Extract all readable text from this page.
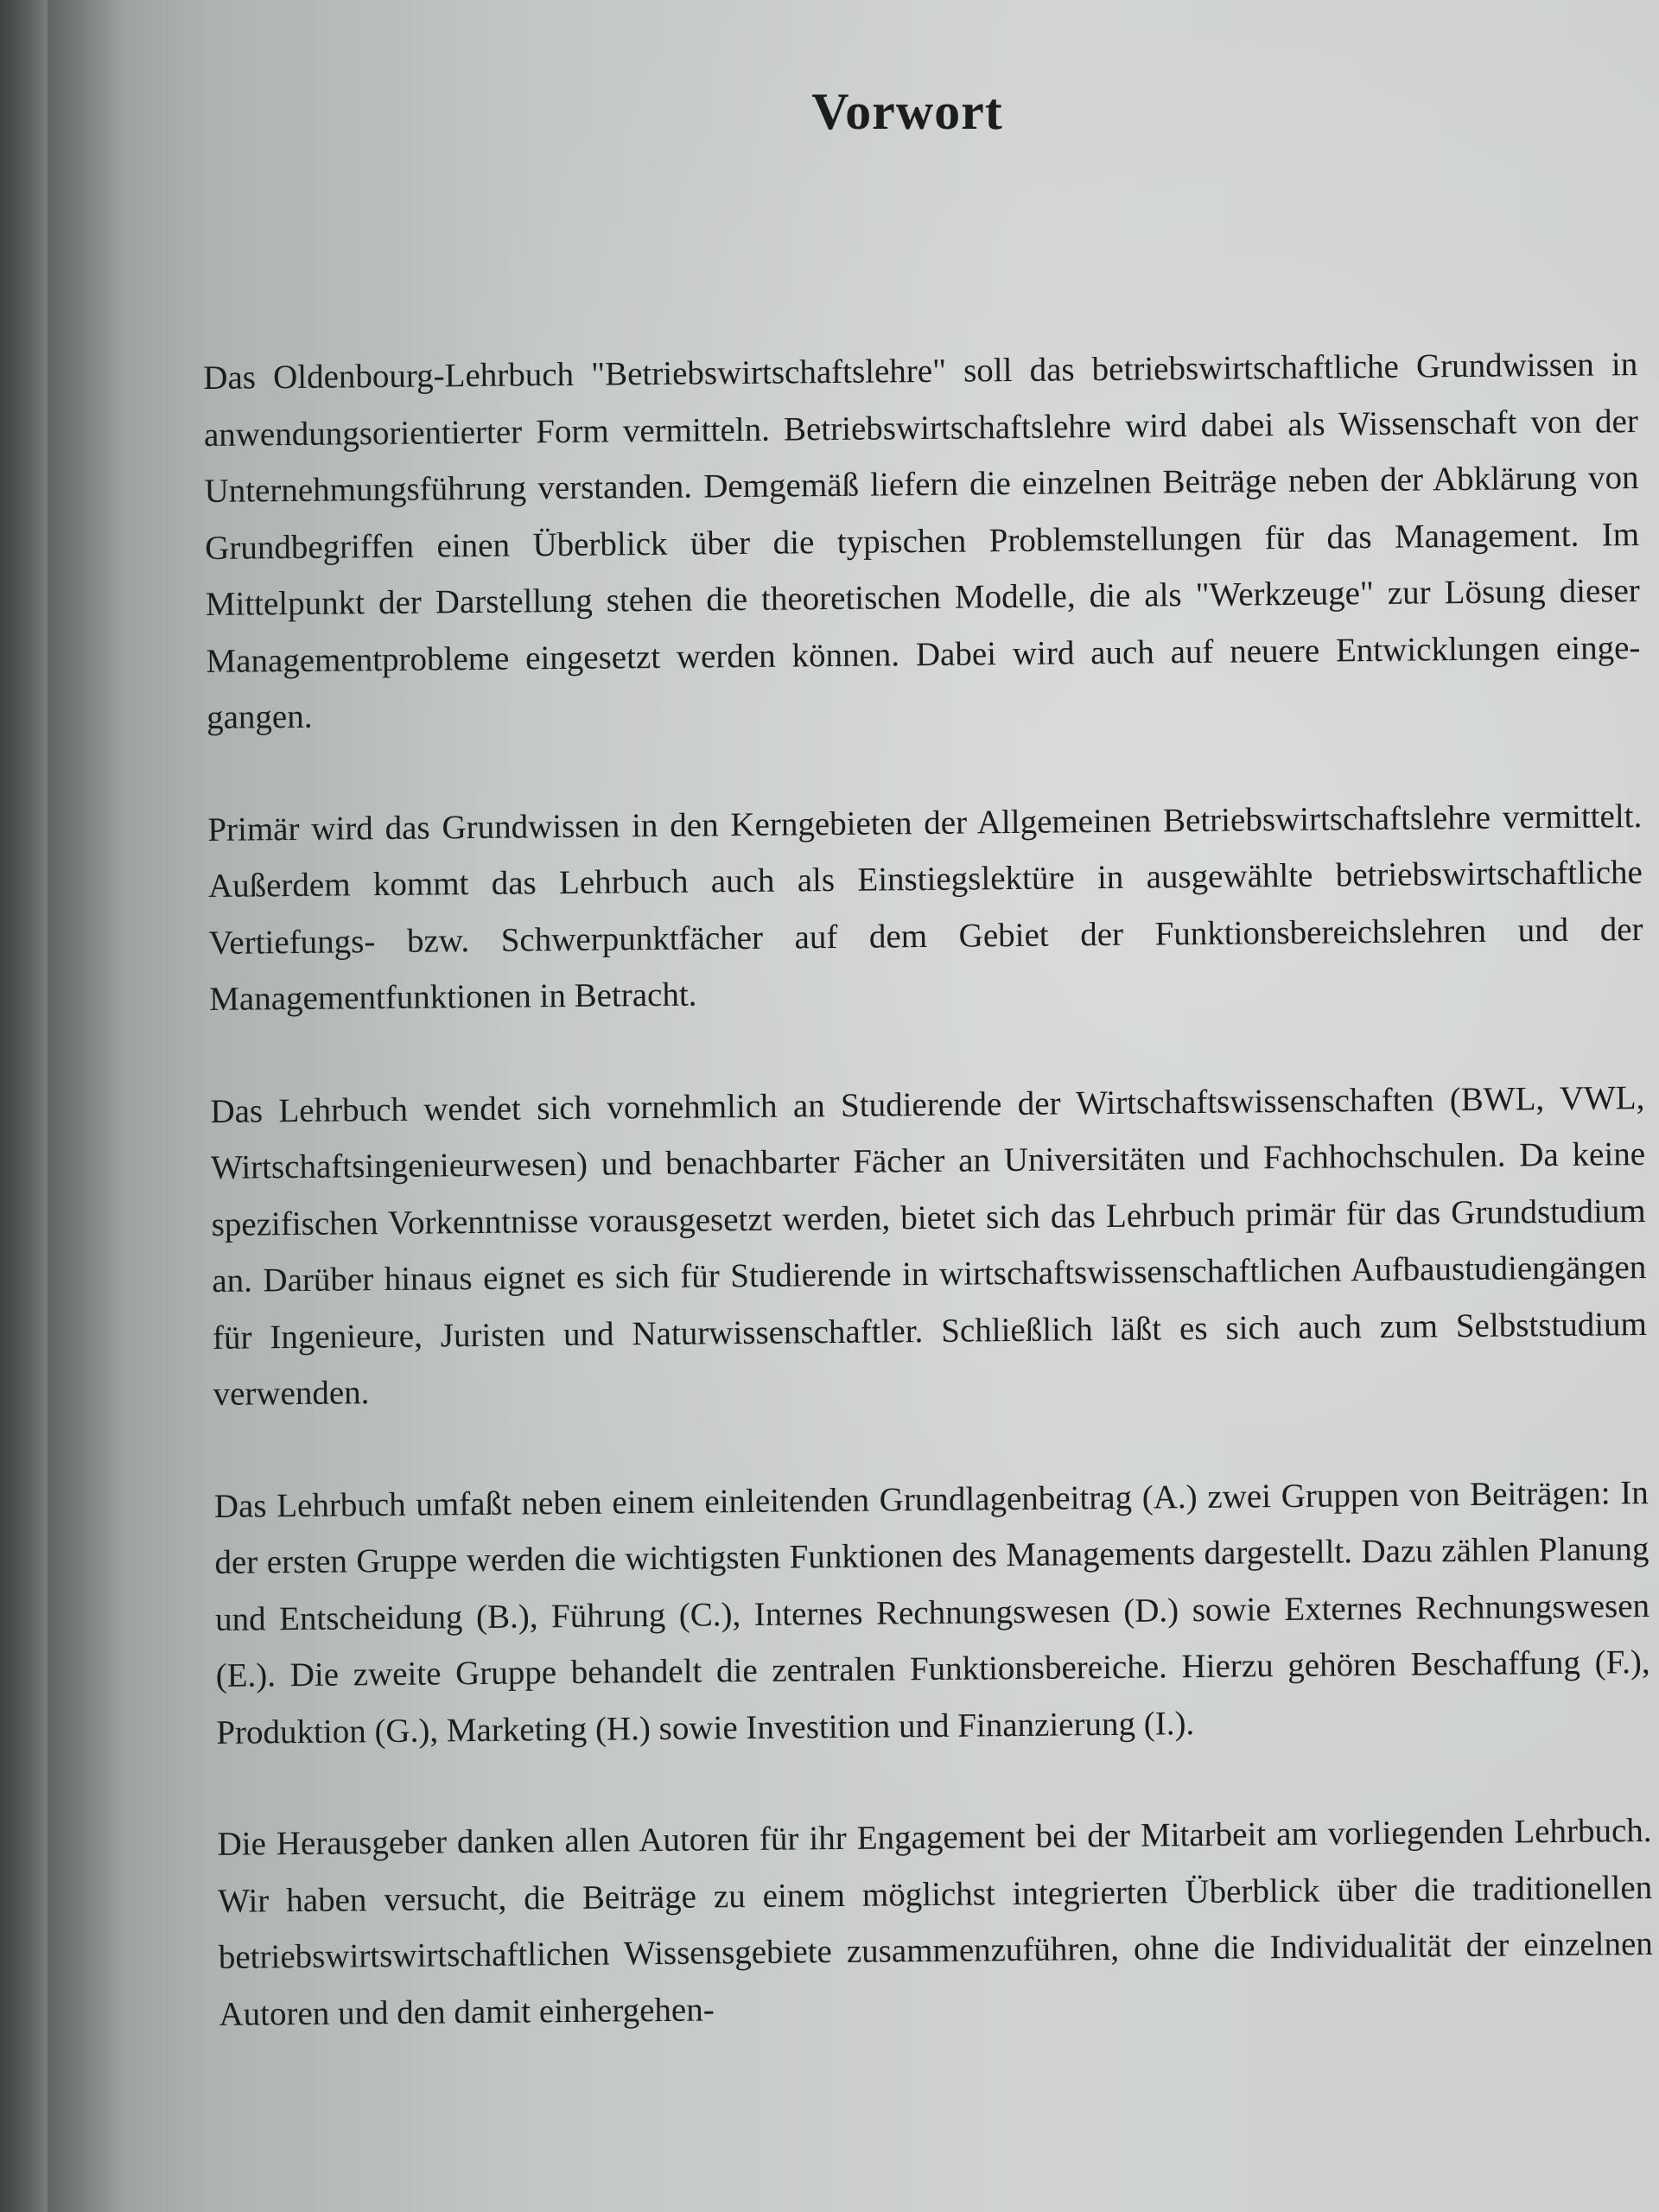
Vorwort

Das Oldenbourg-Lehrbuch "Betriebswirtschaftslehre" soll das betriebswirtschaftliche Grundwissen in anwendungsorientierter Form vermitteln. Betriebswirtschaftslehre wird dabei als Wissenschaft von der Unternehmungsführung verstanden. Demgemäß liefern die einzelnen Beiträge neben der Abklärung von Grundbegriffen einen Überblick über die typischen Problemstellungen für das Management. Im Mittelpunkt der Darstellung stehen die theoretischen Modelle, die als "Werkzeuge" zur Lösung dieser Managementprobleme eingesetzt werden können. Dabei wird auch auf neuere Entwicklungen eingegangen.

Primär wird das Grundwissen in den Kerngebieten der Allgemeinen Betriebswirtschaftslehre vermittelt. Außerdem kommt das Lehrbuch auch als Einstiegslektüre in ausgewählte betriebswirtschaftliche Vertiefungs- bzw. Schwerpunktfächer auf dem Gebiet der Funktionsbereichslehren und der Managementfunktionen in Betracht.

Das Lehrbuch wendet sich vornehmlich an Studierende der Wirtschaftswissenschaften (BWL, VWL, Wirtschaftsingenieurwesen) und benachbarter Fächer an Universitäten und Fachhochschulen. Da keine spezifischen Vorkenntnisse vorausgesetzt werden, bietet sich das Lehrbuch primär für das Grundstudium an. Darüber hinaus eignet es sich für Studierende in wirtschaftswissenschaftlichen Aufbaustudiengängen für Ingenieure, Juristen und Naturwissenschaftler. Schließlich läßt es sich auch zum Selbststudium verwenden.

Das Lehrbuch umfaßt neben einem einleitenden Grundlagenbeitrag (A.) zwei Gruppen von Beiträgen: In der ersten Gruppe werden die wichtigsten Funktionen des Managements dargestellt. Dazu zählen Planung und Entscheidung (B.), Führung (C.), Internes Rechnungswesen (D.) sowie Externes Rechnungswesen (E.). Die zweite Gruppe behandelt die zentralen Funktionsbereiche. Hierzu gehören Beschaffung (F.), Produktion (G.), Marketing (H.) sowie Investition und Finanzierung (I.).

Die Herausgeber danken allen Autoren für ihr Engagement bei der Mitarbeit am vorliegenden Lehrbuch. Wir haben versucht, die Beiträge zu einem möglichst integrierten Überblick über die traditionellen betriebswirtswirtschaftlichen Wissensgebiete zusammenzuführen, ohne die Individualität der einzelnen Autoren und den damit einhergehen-
